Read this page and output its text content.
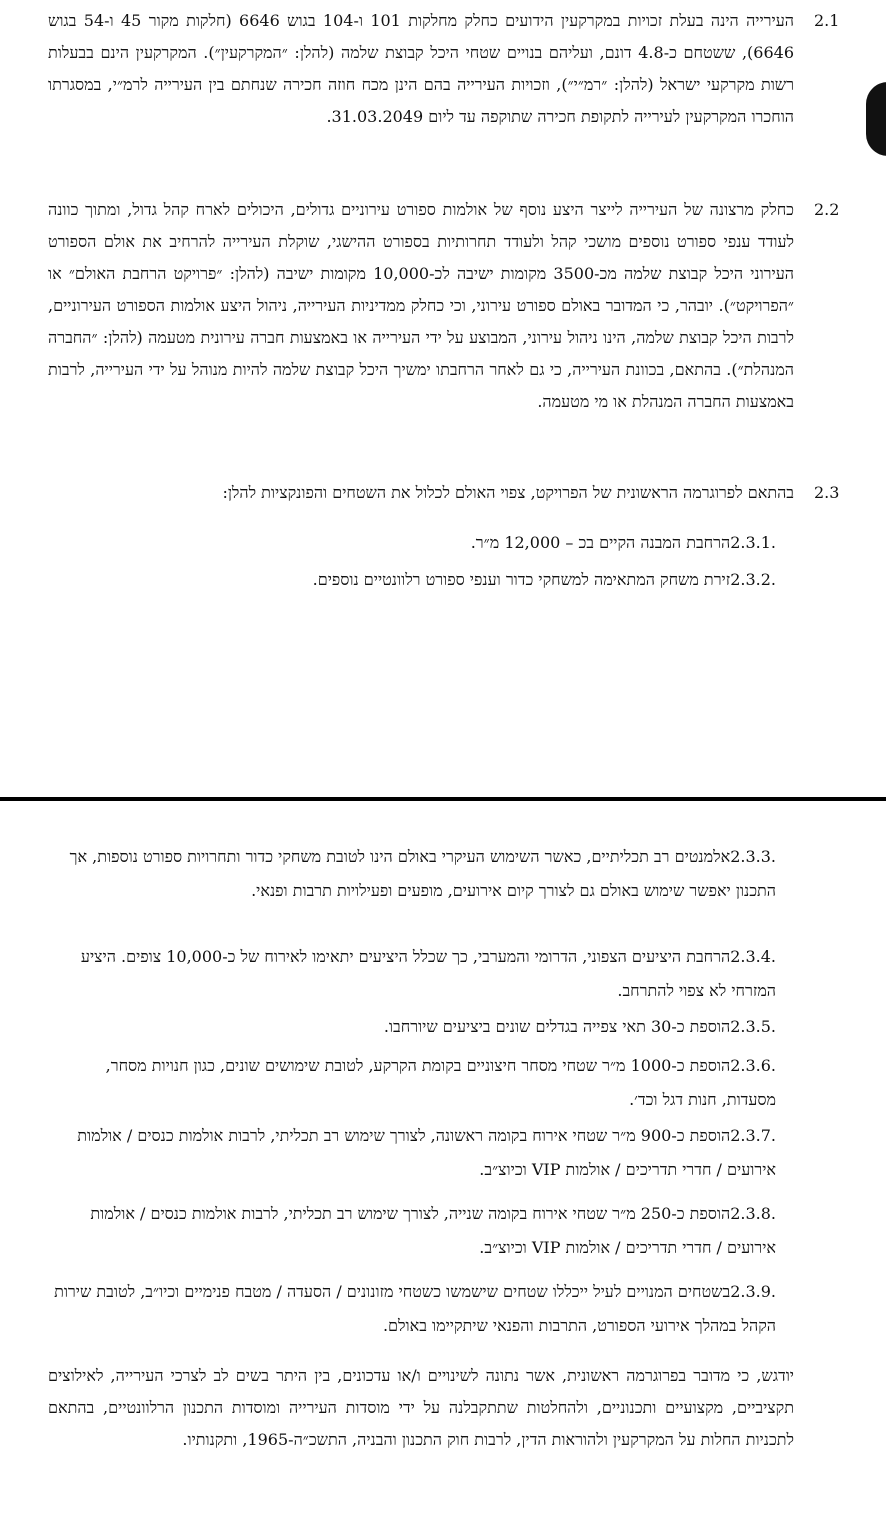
2.1
העירייה הינה בעלת זכויות במקרקעין הידועים כחלק מחלקות 101 ו-104 בגוש 6646 (חלקות מקור 45 ו-54 בגוש 6646), ששטחם כ-4.8 דונם, ועליהם בנויים שטחי היכל קבוצת שלמה (להלן: ״המקרקעין״). המקרקעין הינם בבעלות רשות מקרקעי ישראל (להלן: ״רמ״י״), וזכויות העירייה בהם הינן מכח חוזה חכירה שנחתם בין העירייה לרמ״י, במסגרתו הוחכרו המקרקעין לעירייה לתקופת חכירה שתוקפה עד ליום 31.03.2049.
2.2
כחלק מרצונה של העירייה לייצר היצע נוסף של אולמות ספורט עירוניים גדולים, היכולים לארח קהל גדול, ומתוך כוונה לעודד ענפי ספורט נוספים מושכי קהל ולעודד תחרותיות בספורט ההישגי, שוקלת העירייה להרחיב את אולם הספורט העירוני היכל קבוצת שלמה מכ-3500 מקומות ישיבה לכ-10,000 מקומות ישיבה (להלן: ״פרויקט הרחבת האולם״ או ״הפרויקט״). יובהר, כי המדובר באולם ספורט עירוני, וכי כחלק ממדיניות העירייה, ניהול היצע אולמות הספורט העירוניים, לרבות היכל קבוצת שלמה, הינו ניהול עירוני, המבוצע על ידי העירייה או באמצעות חברה עירונית מטעמה (להלן: ״החברה המנהלת״). בהתאם, בכוונת העירייה, כי גם לאחר הרחבתו ימשיך היכל קבוצת שלמה להיות מנוהל על ידי העירייה, לרבות באמצעות החברה המנהלת או מי מטעמה.
2.3
בהתאם לפרוגרמה הראשונית של הפרויקט, צפוי האולם לכלול את השטחים והפונקציות להלן:
2.3.1.הרחבת המבנה הקיים בכ – 12,000 מ״ר.
2.3.2.זירת משחק המתאימה למשחקי כדור וענפי ספורט רלוונטיים נוספים.
2.3.3.אלמנטים רב תכליתיים, כאשר השימוש העיקרי באולם הינו לטובת משחקי כדור ותחרויות ספורט נוספות, אך התכנון יאפשר שימוש באולם גם לצורך קיום אירועים, מופעים ופעילויות תרבות ופנאי.
2.3.4.הרחבת היציעים הצפוני, הדרומי והמערבי, כך שכלל היציעים יתאימו לאירוח של כ-10,000 צופים. היציע המזרחי לא צפוי להתרחב.
2.3.5.הוספת כ-30 תאי צפייה בגדלים שונים ביציעים שיורחבו.
2.3.6.הוספת כ-1000 מ״ר שטחי מסחר חיצוניים בקומת הקרקע, לטובת שימושים שונים, כגון חנויות מסחר, מסעדות, חנות דגל וכד׳.
2.3.7.הוספת כ-900 מ״ר שטחי אירוח בקומה ראשונה, לצורך שימוש רב תכליתי, לרבות אולמות כנסים / אולמות אירועים / חדרי תדריכים / אולמות VIP וכיוצ״ב.
2.3.8.הוספת כ-250 מ״ר שטחי אירוח בקומה שנייה, לצורך שימוש רב תכליתי, לרבות אולמות כנסים / אולמות אירועים / חדרי תדריכים / אולמות VIP וכיוצ״ב.
2.3.9.בשטחים המנויים לעיל ייכללו שטחים שישמשו כשטחי מזונונים / הסעדה / מטבח פנימיים וכיו״ב, לטובת שירות הקהל במהלך אירועי הספורט, התרבות והפנאי שיתקיימו באולם.
יודגש, כי מדובר בפרוגרמה ראשונית, אשר נתונה לשינויים ו/או עדכונים, בין היתר בשים לב לצרכי העירייה, לאילוצים תקציביים, מקצועיים ותכנוניים, ולהחלטות שתתקבלנה על ידי מוסדות העירייה ומוסדות התכנון הרלוונטיים, בהתאם לתכניות החלות על המקרקעין ולהוראות הדין, לרבות חוק התכנון והבניה, התשכ״ה-1965, ותקנותיו.
